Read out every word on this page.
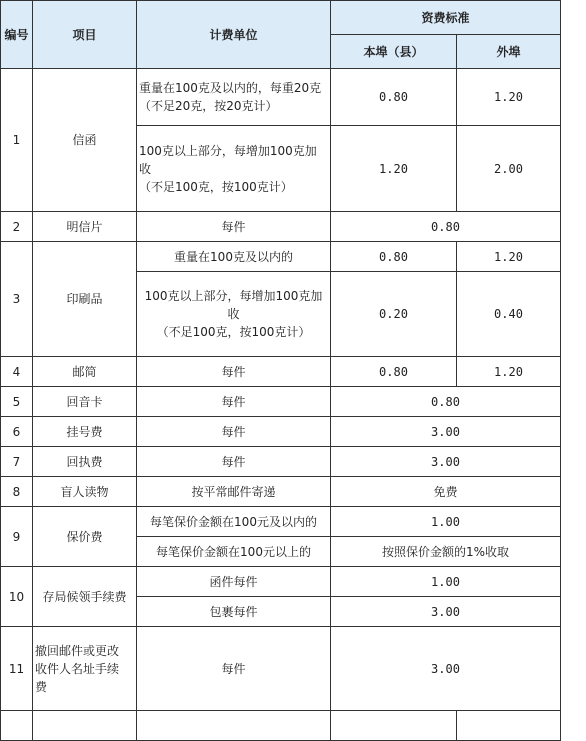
编号	项目	计费单位	资费标准	
			本埠（县）	外埠
1	信函	重量在100克及以内的，每重20克
（不足20克，按20克计）	0.80	1.20
		100克以上部分，每增加100克加
收
（不足100克，按100克计）	1.20	2.00
2	明信片	每件	0.80	
3	印刷品	重量在100克及以内的	0.80	1.20
		100克以上部分，每增加100克加
收
（不足100克，按100克计）	0.20	0.40
4	邮简	每件	0.80	1.20
5	回音卡	每件	0.80	
6	挂号费	每件	3.00	
7	回执费	每件	3.00	
8	盲人读物	按平常邮件寄递	免费	
9	保价费	每笔保价金额在100元及以内的	1.00	
		每笔保价金额在100元以上的	按照保价金额的1%收取	
10	存局候领手续费	函件每件	1.00	
		包裹每件	3.00	
11	撤回邮件或更改
收件人名址手续
费	每件	3.00	
